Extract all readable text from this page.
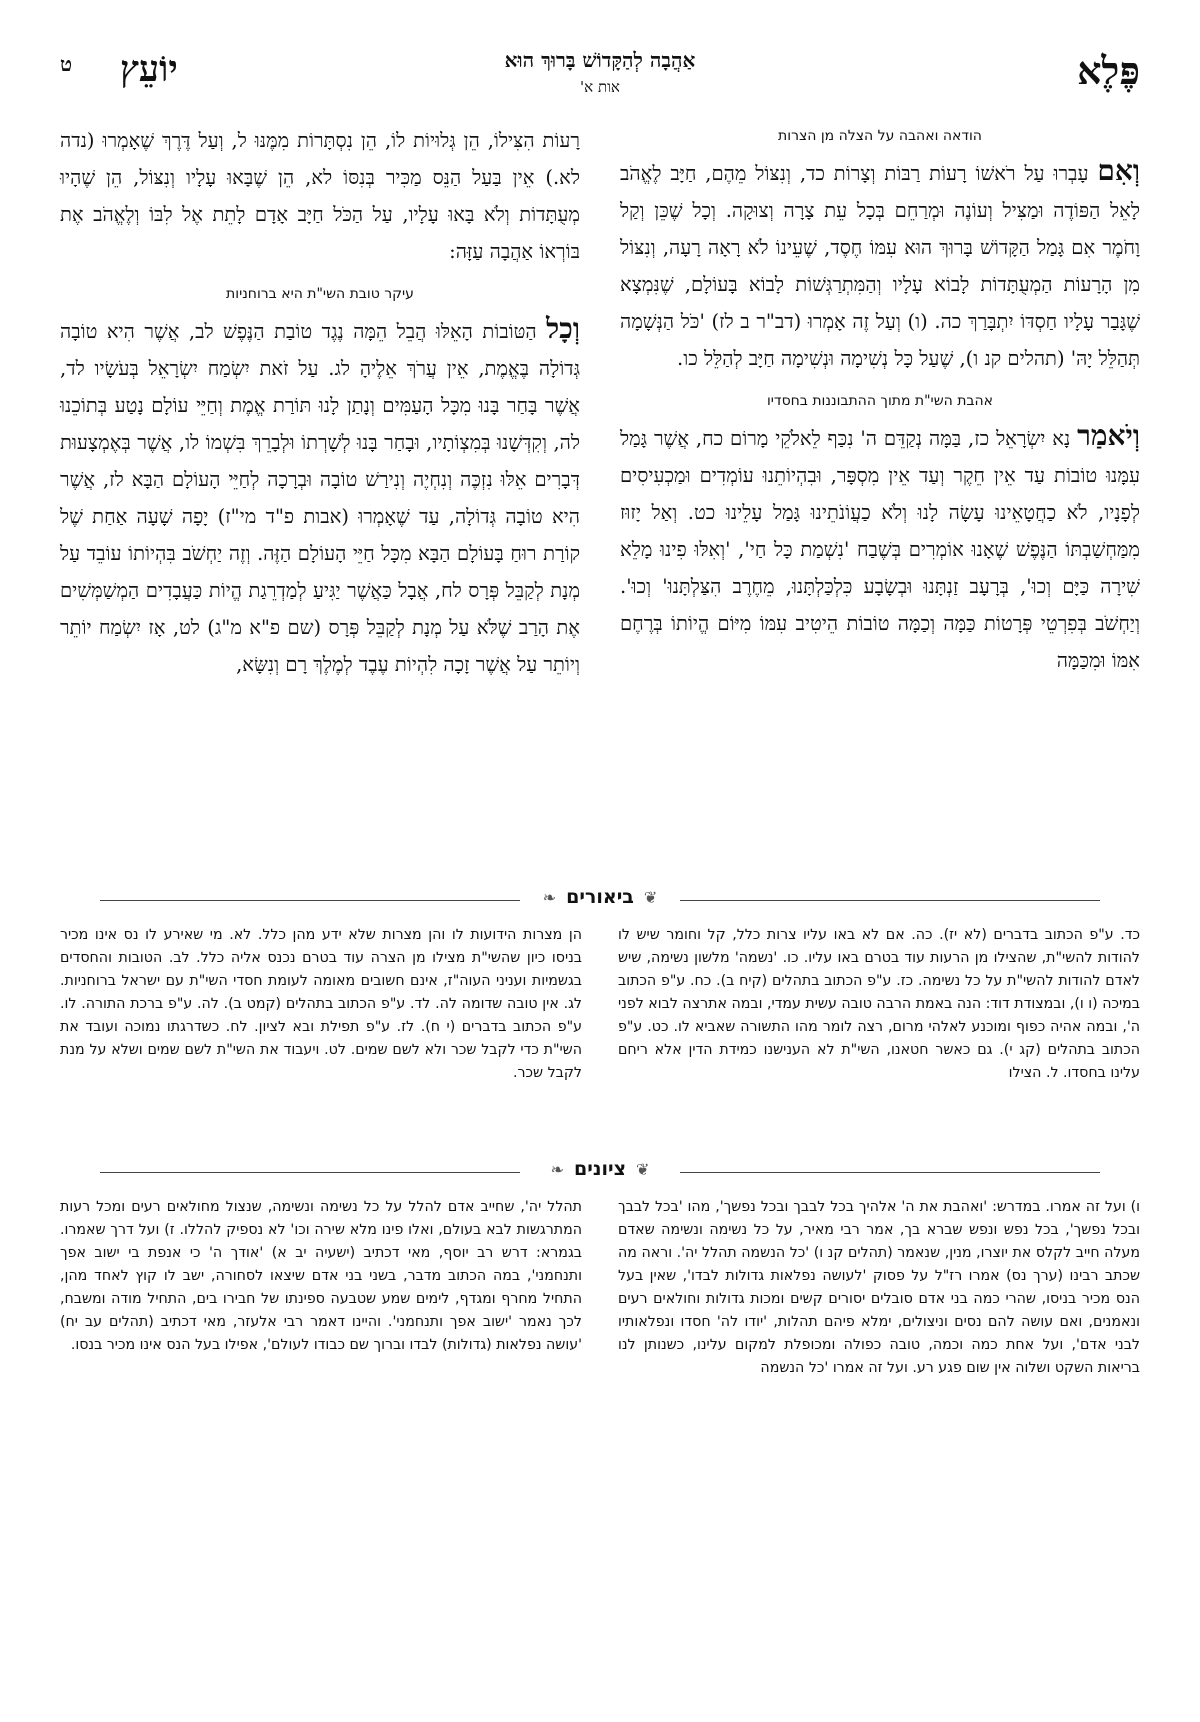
פֶּלֶא
אַהֲבָה לְהַקָּדוֹשׁ בָּרוּךְ הוּא
אות א'
יוֹעֵץ
ט
הודאה ואהבה על הצלה מן הצרות

וְאִם עָבְרוּ עַל רֹאשׁוֹ רָעוֹת רַבּוֹת וְצָרוֹת כד, וְנִצּוֹל מֵהֶם, חַיָּב לֶאֱהֹב לָאֵל הַפּוֹדֶה וּמַצִּיל וְעוֹנֶה וּמְרַחֵם בְּכָל עֵת צָרָה וְצוּקָה. וְכָל שֶׁכֵּן וְקַל וָחֹמֶר אִם גָּמַל הַקָּדוֹשׁ בָּרוּךְ הוּא עִמּוֹ חֶסֶד, שֶׁעֵינוֹ לֹא רָאָה רָעָה, וְנִצּוֹל מִן הָרָעוֹת הַמְעֻתָּדוֹת לָבוֹא עָלָיו וְהַמִּתְרַגְּשׁוֹת לָבוֹא בָּעוֹלָם, שֶׁנִּמְצָא שֶׁגָּבַר עָלָיו חַסְדּוֹ יִתְבָּרַךְ כה. (ו) וְעַל זֶה אָמְרוּ (דב"ר ב לז) 'כֹּל הַנְּשָׁמָה תְּהַלֵּל יָהּ' (תהלים קנ ו), שֶׁעַל כָּל נְשִׁימָה וּנְשִׁימָה חַיָּב לְהַלֵּל כו.

אהבת השי"ת מתוך ההתבוננות בחסדיו

וְיֹאמַר נָא יִשְׂרָאֵל כז, בַּמָּה נְקַדֵּם ה' נִכַּף לֵאלֹקֵי מָרוֹם כח, אֲשֶׁר גָּמַל עִמָּנוּ טוֹבוֹת עַד אֵין חֵקֶר וְעַד אֵין מִסְפָּר, וּבִהְיוֹתֵנוּ עוֹמְדִים וּמַכְעִיסִים לְפָנָיו, לֹא כַחֲטָאֵינוּ עָשָׂה לָנוּ וְלֹא כַעֲוֹנֹתֵינוּ גָּמַל עָלֵינוּ כט. וְאַל יָזוּז מִמַּחְשַׁבְתּוֹ הַנֶּפֶשׁ שֶׁאָנוּ אוֹמְרִים בְּשֶׁבַח 'נִשְׁמַת כָּל חַי', 'וְאִלּוּ פִינוּ מָלֵא שִׁירָה כַּיָּם וְכוּ', בְּרָעָב זַנְתָּנוּ וּבְשָׂבָע כִּלְכַּלְתָּנוּ, מֵחֶרֶב הִצַּלְתָּנוּ' וְכוּ'. וְיַחְשֹׁב בְּפִרְטֵי פְּרָטוֹת כַּמָּה וְכַמָּה טוֹבוֹת הֵיטִיב עִמּוֹ מִיּוֹם הֱיוֹתוֹ בְּרֶחֶם אִמּוֹ וּמִכַּמָּה

רָעוֹת הִצִּילוֹ, הֵן גְּלוּיוֹת לוֹ, הֵן נִסְתָּרוֹת מִמֶּנּוּ ל, וְעַל דֶּרֶךְ שֶׁאָמְרוּ (נדה לא.) אֵין בַּעַל הַנֵּס מַכִּיר בְּנִסּוֹ לא, הֵן שֶׁבָּאוּ עָלָיו וְנִצּוֹל, הֵן שֶׁהָיוּ מְעֻתָּדוֹת וְלֹא בָּאוּ עָלָיו, עַל הַכֹּל חַיָּב אָדָם לָתֵת אֶל לִבּוֹ וְלֶאֱהֹב אֶת בּוֹרְאוֹ אַהֲבָה עַזָּה:

עיקר טובת השי"ת היא ברוחניות

וְכָל הַטּוֹבוֹת הָאֵלּוּ הֲבֵל הֵמָּה נֶגֶד טוֹבַת הַנֶּפֶשׁ לב, אֲשֶׁר הִיא טוֹבָה גְּדוֹלָה בֶּאֱמֶת, אֵין עֲרֹךְ אֵלֶיהָ לג. עַל זֹאת יִשְׂמַח יִשְׂרָאֵל בְּעֹשָׂיו לד, אֲשֶׁר בָּחַר בָּנוּ מִכָּל הָעַמִּים וְנָתַן לָנוּ תּוֹרַת אֱמֶת וְחַיֵּי עוֹלָם נָטַע בְּתוֹכֵנוּ לה, וְקִדְּשָׁנוּ בְּמִצְוֹתָיו, וּבָחַר בָּנוּ לְשָׁרְתוֹ וּלְבָרֵךְ בִּשְׁמוֹ לו, אֲשֶׁר בְּאֶמְצָעוּת דְּבָרִים אֵלּוּ נִזְכֶּה וְנִחְיֶה וְנִירַשׁ טוֹבָה וּבְרָכָה לְחַיֵּי הָעוֹלָם הַבָּא לז, אֲשֶׁר הִיא טוֹבָה גְּדוֹלָה, עַד שֶׁאָמְרוּ (אבות פ"ד מי"ז) יָפָה שָׁעָה אַחַת שֶׁל קוֹרַת רוּחַ בָּעוֹלָם הַבָּא מִכָּל חַיֵּי הָעוֹלָם הַזֶּה. וְזֶה יַחְשֹׁב בִּהְיוֹתוֹ עוֹבֵד עַל מְנָת לְקַבֵּל פְּרָס לח, אֲבָל כַּאֲשֶׁר יַגִּיעַ לְמַדְרֵגַת הֱיוֹת כַּעֲבָדִים הַמְשַׁמְּשִׁים אֶת הָרַב שֶׁלֹּא עַל מְנָת לְקַבֵּל פְּרָס (שם פ"א מ"ג) לט, אָז יִשְׂמַח יוֹתֵר וְיוֹתֵר עַל אֲשֶׁר זָכָה לִהְיוֹת עֶבֶד לְמֶלֶךְ רָם וְנִשָּׂא,

❦ביאורים❧
כד. ע"פ הכתוב בדברים (לא יז). כה. אם לא באו עליו צרות כלל, קל וחומר שיש לו להודות להשי"ת, שהצילו מן הרעות עוד בטרם באו עליו. כו. 'נשמה' מלשון נשימה, שיש לאדם להודות להשי"ת על כל נשימה. כז. ע"פ הכתוב בתהלים (קיח ב). כח. ע"פ הכתוב במיכה (ו ו), ובמצודת דוד: הנה באמת הרבה טובה עשית עמדי, ובמה אתרצה לבוא לפני ה', ובמה אהיה כפוף ומוכנע לאלהי מרום, רצה לומר מהו התשורה שאביא לו. כט. ע"פ הכתוב בתהלים (קג י). גם כאשר חטאנו, השי"ת לא הענישנו כמידת הדין אלא ריחם עלינו בחסדו. ל. הצילו
הן מצרות הידועות לו והן מצרות שלא ידע מהן כלל. לא. מי שאירע לו נס אינו מכיר בניסו כיון שהשי"ת מצילו מן הצרה עוד בטרם נכנס אליה כלל. לב. הטובות והחסדים בגשמיות ועניני העוה"ז, אינם חשובים מאומה לעומת חסדי השי"ת עם ישראל ברוחניות. לג. אין טובה שדומה לה. לד. ע"פ הכתוב בתהלים (קמט ב). לה. ע"פ ברכת התורה. לו. ע"פ הכתוב בדברים (י ח). לז. ע"פ תפילת ובא לציון. לח. כשדרגתו נמוכה ועובד את השי"ת כדי לקבל שכר ולא לשם שמים. לט. ויעבוד את השי"ת לשם שמים ושלא על מנת לקבל שכר.
❦ציונים❧
ו) ועל זה אמרו. במדרש: 'ואהבת את ה' אלהיך בכל לבבך ובכל נפשך', מהו 'בכל לבבך ובכל נפשך', בכל נפש ונפש שברא בך, אמר רבי מאיר, על כל נשימה ונשימה שאדם מעלה חייב לקלס את יוצרו, מנין, שנאמר (תהלים קנ ו) 'כל הנשמה תהלל יה'. וראה מה שכתב רבינו (ערך נס) אמרו רז"ל על פסוק 'לעושה נפלאות גדולות לבדו', שאין בעל הנס מכיר בניסו, שהרי כמה בני אדם סובלים יסורים קשים ומכות גדולות וחולאים רעים ונאמנים, ואם עושה להם נסים וניצולים, ימלא פיהם תהלות, 'יודו לה' חסדו ונפלאותיו לבני אדם', ועל אחת כמה וכמה, טובה כפולה ומכופלת למקום עלינו, כשנותן לנו בריאות השקט ושלוה אין שום פגע רע. ועל זה אמרו 'כל הנשמה
תהלל יה', שחייב אדם להלל על כל נשימה ונשימה, שנצול מחולאים רעים ומכל רעות המתרגשות לבא בעולם, ואלו פינו מלא שירה וכו' לא נספיק להללו. ז) ועל דרך שאמרו. בגמרא: דרש רב יוסף, מאי דכתיב (ישעיה יב א) 'אודך ה' כי אנפת בי ישוב אפך ותנחמני', במה הכתוב מדבר, בשני בני אדם שיצאו לסחורה, ישב לו קוץ לאחד מהן, התחיל מחרף ומגדף, לימים שמע שטבעה ספינתו של חבירו בים, התחיל מודה ומשבח, לכך נאמר 'ישוב אפך ותנחמני'. והיינו דאמר רבי אלעזר, מאי דכתיב (תהלים עב יח) 'עושה נפלאות (גדולות) לבדו וברוך שם כבודו לעולם', אפילו בעל הנס אינו מכיר בנסו.
